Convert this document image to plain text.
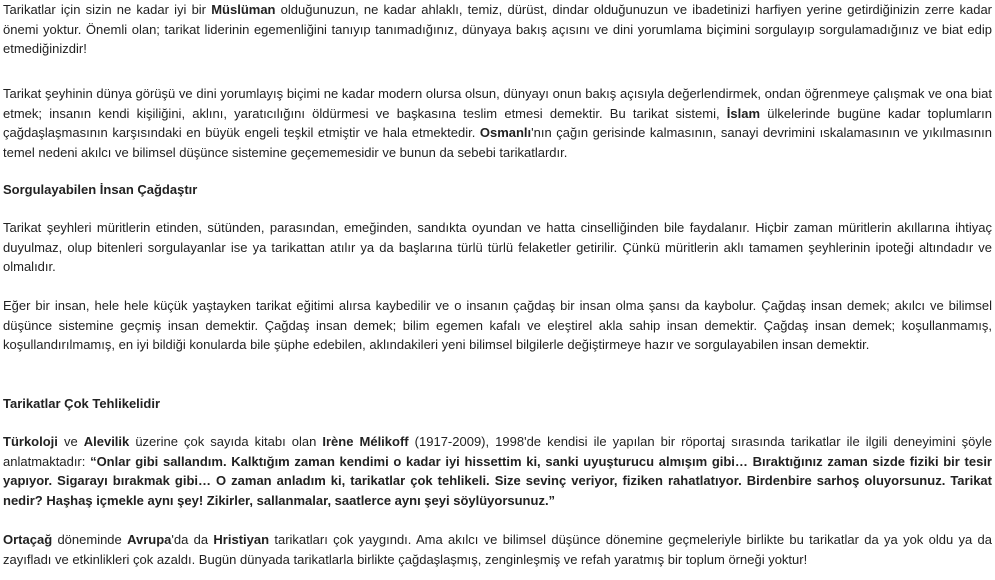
Tarikatlar için sizin ne kadar iyi bir Müslüman olduğunuzun, ne kadar ahlaklı, temiz, dürüst, dindar olduğunuzun ve ibadetinizi harfiyen yerine getirdiğinizin zerre kadar önemi yoktur. Önemli olan; tarikat liderinin egemenliğini tanıyıp tanımadığınız, dünyaya bakış açısını ve dini yorumlama biçimini sorgulayıp sorgulamadığınız ve biat edip etmediğinizdir!

Tarikat şeyhinin dünya görüşü ve dini yorumlayış biçimi ne kadar modern olursa olsun, dünyayı onun bakış açısıyla değerlendirmek, ondan öğrenmeye çalışmak ve ona biat etmek; insanın kendi kişiliğini, aklını, yaratıcılığını öldürmesi ve başkasına teslim etmesi demektir. Bu tarikat sistemi, İslam ülkelerinde bugüne kadar toplumların çağdaşlaşmasının karşısındaki en büyük engeli teşkil etmiştir ve hala etmektedir. Osmanlı'nın çağın gerisinde kalmasının, sanayi devrimini ıskalamasının ve yıkılmasının temel nedeni akılcı ve bilimsel düşünce sistemine geçememesidir ve bunun da sebebi tarikatlardır.

Sorgulayabilen İnsan Çağdaştır

Tarikat şeyhleri müritlerin etinden, sütünden, parasından, emeğinden, sandıkta oyundan ve hatta cinselliğinden bile faydalanır. Hiçbir zaman müritlerin akıllarına ihtiyaç duyulmaz, olup bitenleri sorgulayanlar ise ya tarikattan atılır ya da başlarına türlü türlü felaketler getirilir. Çünkü müritlerin aklı tamamen şeyhlerinin ipoteği altındadır ve olmalıdır.

Eğer bir insan, hele hele küçük yaştayken tarikat eğitimi alırsa kaybedilir ve o insanın çağdaş bir insan olma şansı da kaybolur. Çağdaş insan demek; akılcı ve bilimsel düşünce sistemine geçmiş insan demektir. Çağdaş insan demek; bilim egemen kafalı ve eleştirel akla sahip insan demektir. Çağdaş insan demek; koşullanmamış, koşullandırılmamış, en iyi bildiği konularda bile şüphe edebilen, aklındakileri yeni bilimsel bilgilerle değiştirmeye hazır ve sorgulayabilen insan demektir.

Tarikatlar Çok Tehlikelidir

Türkoloji ve Alevilik üzerine çok sayıda kitabı olan Irène Mélikoff (1917-2009), 1998'de kendisi ile yapılan bir röportaj sırasında tarikatlar ile ilgili deneyimini şöyle anlatmaktadır: “Onlar gibi sallandım. Kalktığım zaman kendimi o kadar iyi hissettim ki, sanki uyuşturucu almışım gibi… Bıraktığınız zaman sizde fiziki bir tesir yapıyor. Sigarayı bırakmak gibi… O zaman anladım ki, tarikatlar çok tehlikeli. Size sevinç veriyor, fiziken rahatlatıyor. Birdenbire sarhoş oluyorsunuz. Tarikat nedir? Haşhaş içmekle aynı şey! Zikirler, sallanmalar, saatlerce aynı şeyi söylüyorsunuz.”

Ortaçağ döneminde Avrupa'da da Hristiyan tarikatları çok yaygındı. Ama akılcı ve bilimsel düşünce dönemine geçmeleriyle birlikte bu tarikatlar da ya yok oldu ya da zayıfladı ve etkinlikleri çok azaldı. Bugün dünyada tarikatlarla birlikte çağdaşlaşmış, zenginleşmiş ve refah yaratmış bir toplum örneği yoktur!
